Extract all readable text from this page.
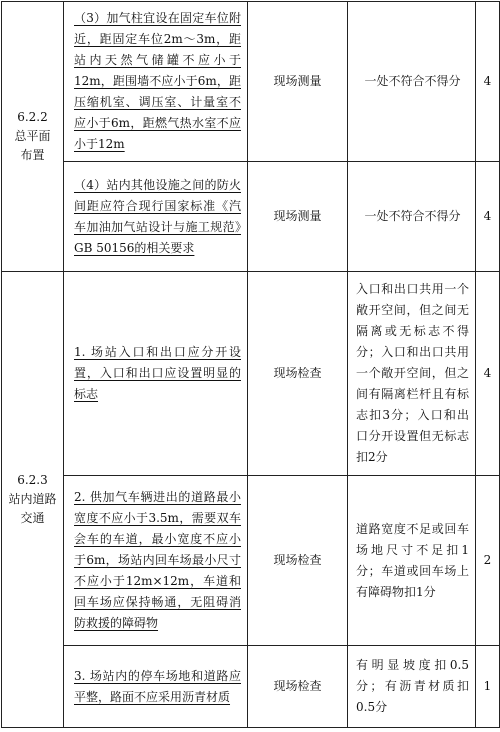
6.2.2
总平面
布置	（3）加气柱宜设在固定车位附近，距固定车位2m～3m，距站内天然气储罐不应小于12m，距围墙不应小于6m，距压缩机室、调压室、计量室不应小于6m，距燃气热水室不应小于12m	现场测量	一处不符合不得分	4
	（4）站内其他设施之间的防火间距应符合现行国家标准《汽车加油加气站设计与施工规范》GB 50156的相关要求	现场测量	一处不符合不得分	4

6.2.3
站内道路
交通	1. 场站入口和出口应分开设置，入口和出口应设置明显的标志	现场检查	入口和出口共用一个敞开空间，但之间无隔离或无标志不得分；入口和出口共用一个敞开空间，但之间有隔离栏杆且有标志扣3分；入口和出口分开设置但无标志扣2分	4
	2. 供加气车辆进出的道路最小宽度不应小于3.5m，需要双车会车的车道，最小宽度不应小于6m，场站内回车场最小尺寸不应小于12m×12m，车道和回车场应保持畅通，无阻碍消防救援的障碍物	现场检查	道路宽度不足或回车场地尺寸不足扣1分；车道或回车场上有障碍物扣1分	2
	3. 场站内的停车场地和道路应平整，路面不应采用沥青材质	现场检查	有明显坡度扣0.5分；有沥青材质扣0.5分	1
